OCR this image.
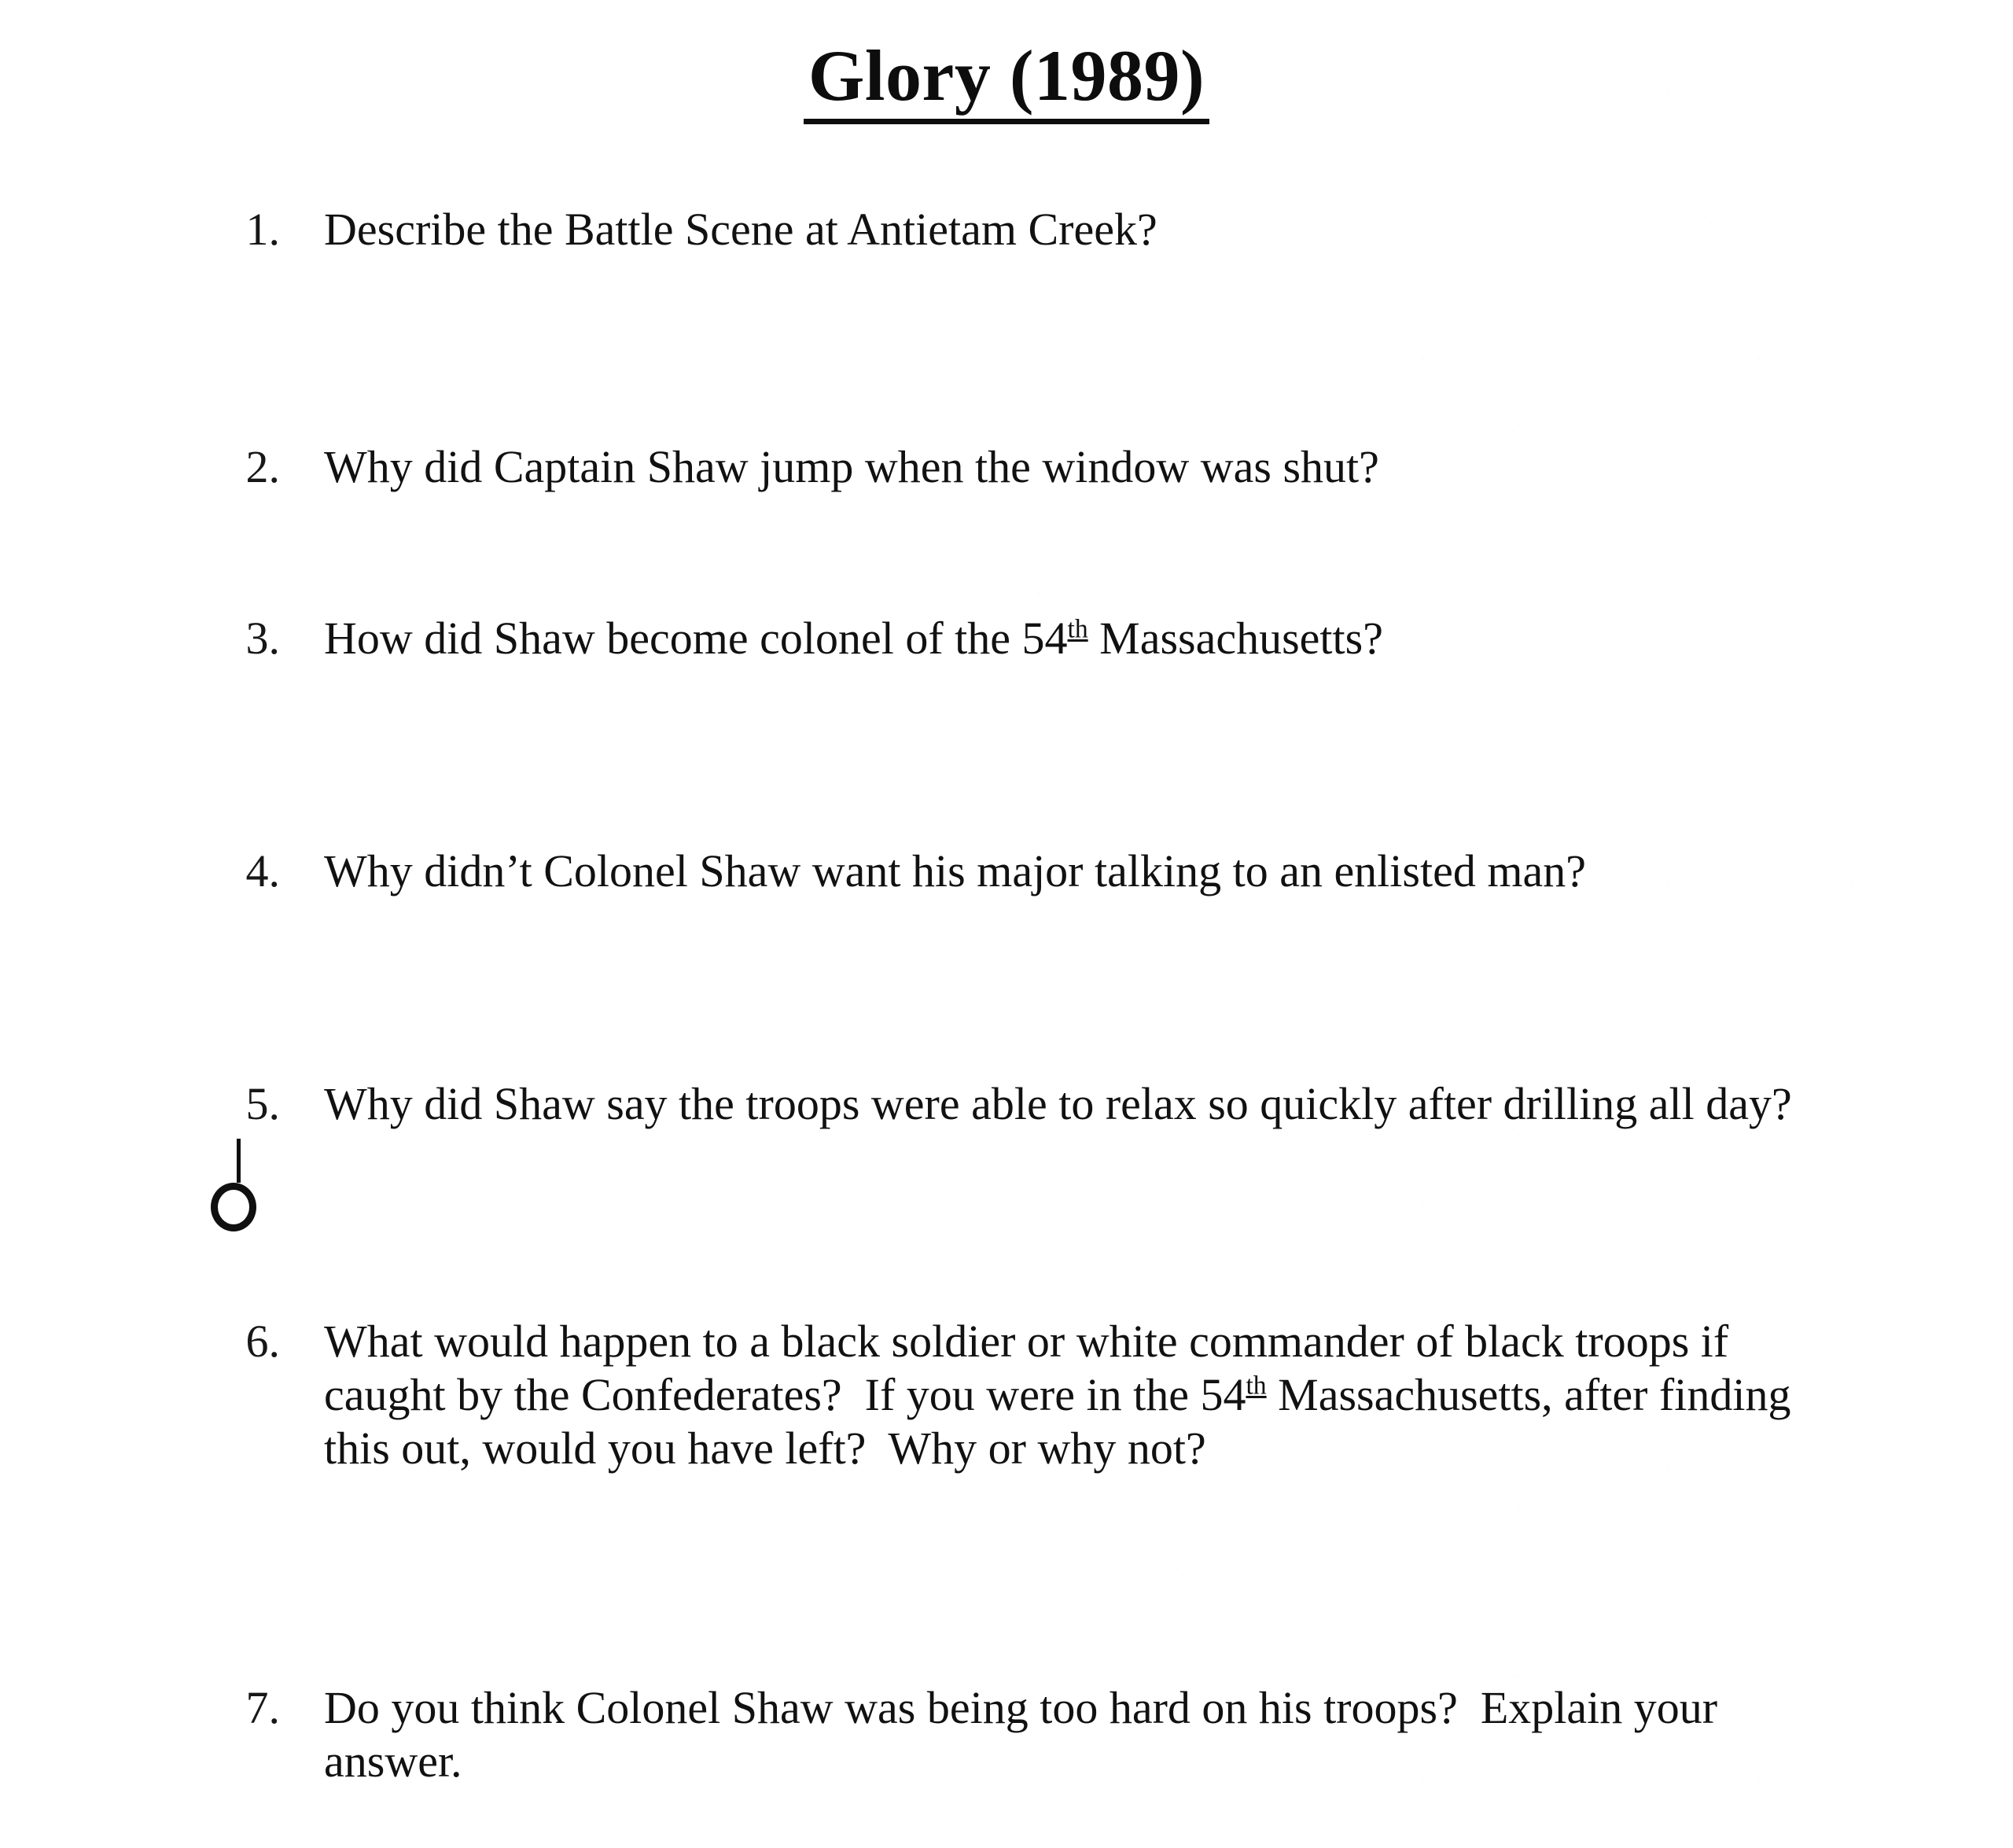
Glory (1989)
1. Describe the Battle Scene at Antietam Creek?
2. Why did Captain Shaw jump when the window was shut?
3. How did Shaw become colonel of the 54th Massachusetts?
4. Why didn’t Colonel Shaw want his major talking to an enlisted man?
5. Why did Shaw say the troops were able to relax so quickly after drilling all day?
6. What would happen to a black soldier or white commander of black troops if caught by the Confederates?  If you were in the 54th Massachusetts, after finding this out, would you have left?  Why or why not?
7. Do you think Colonel Shaw was being too hard on his troops?  Explain your answer.
